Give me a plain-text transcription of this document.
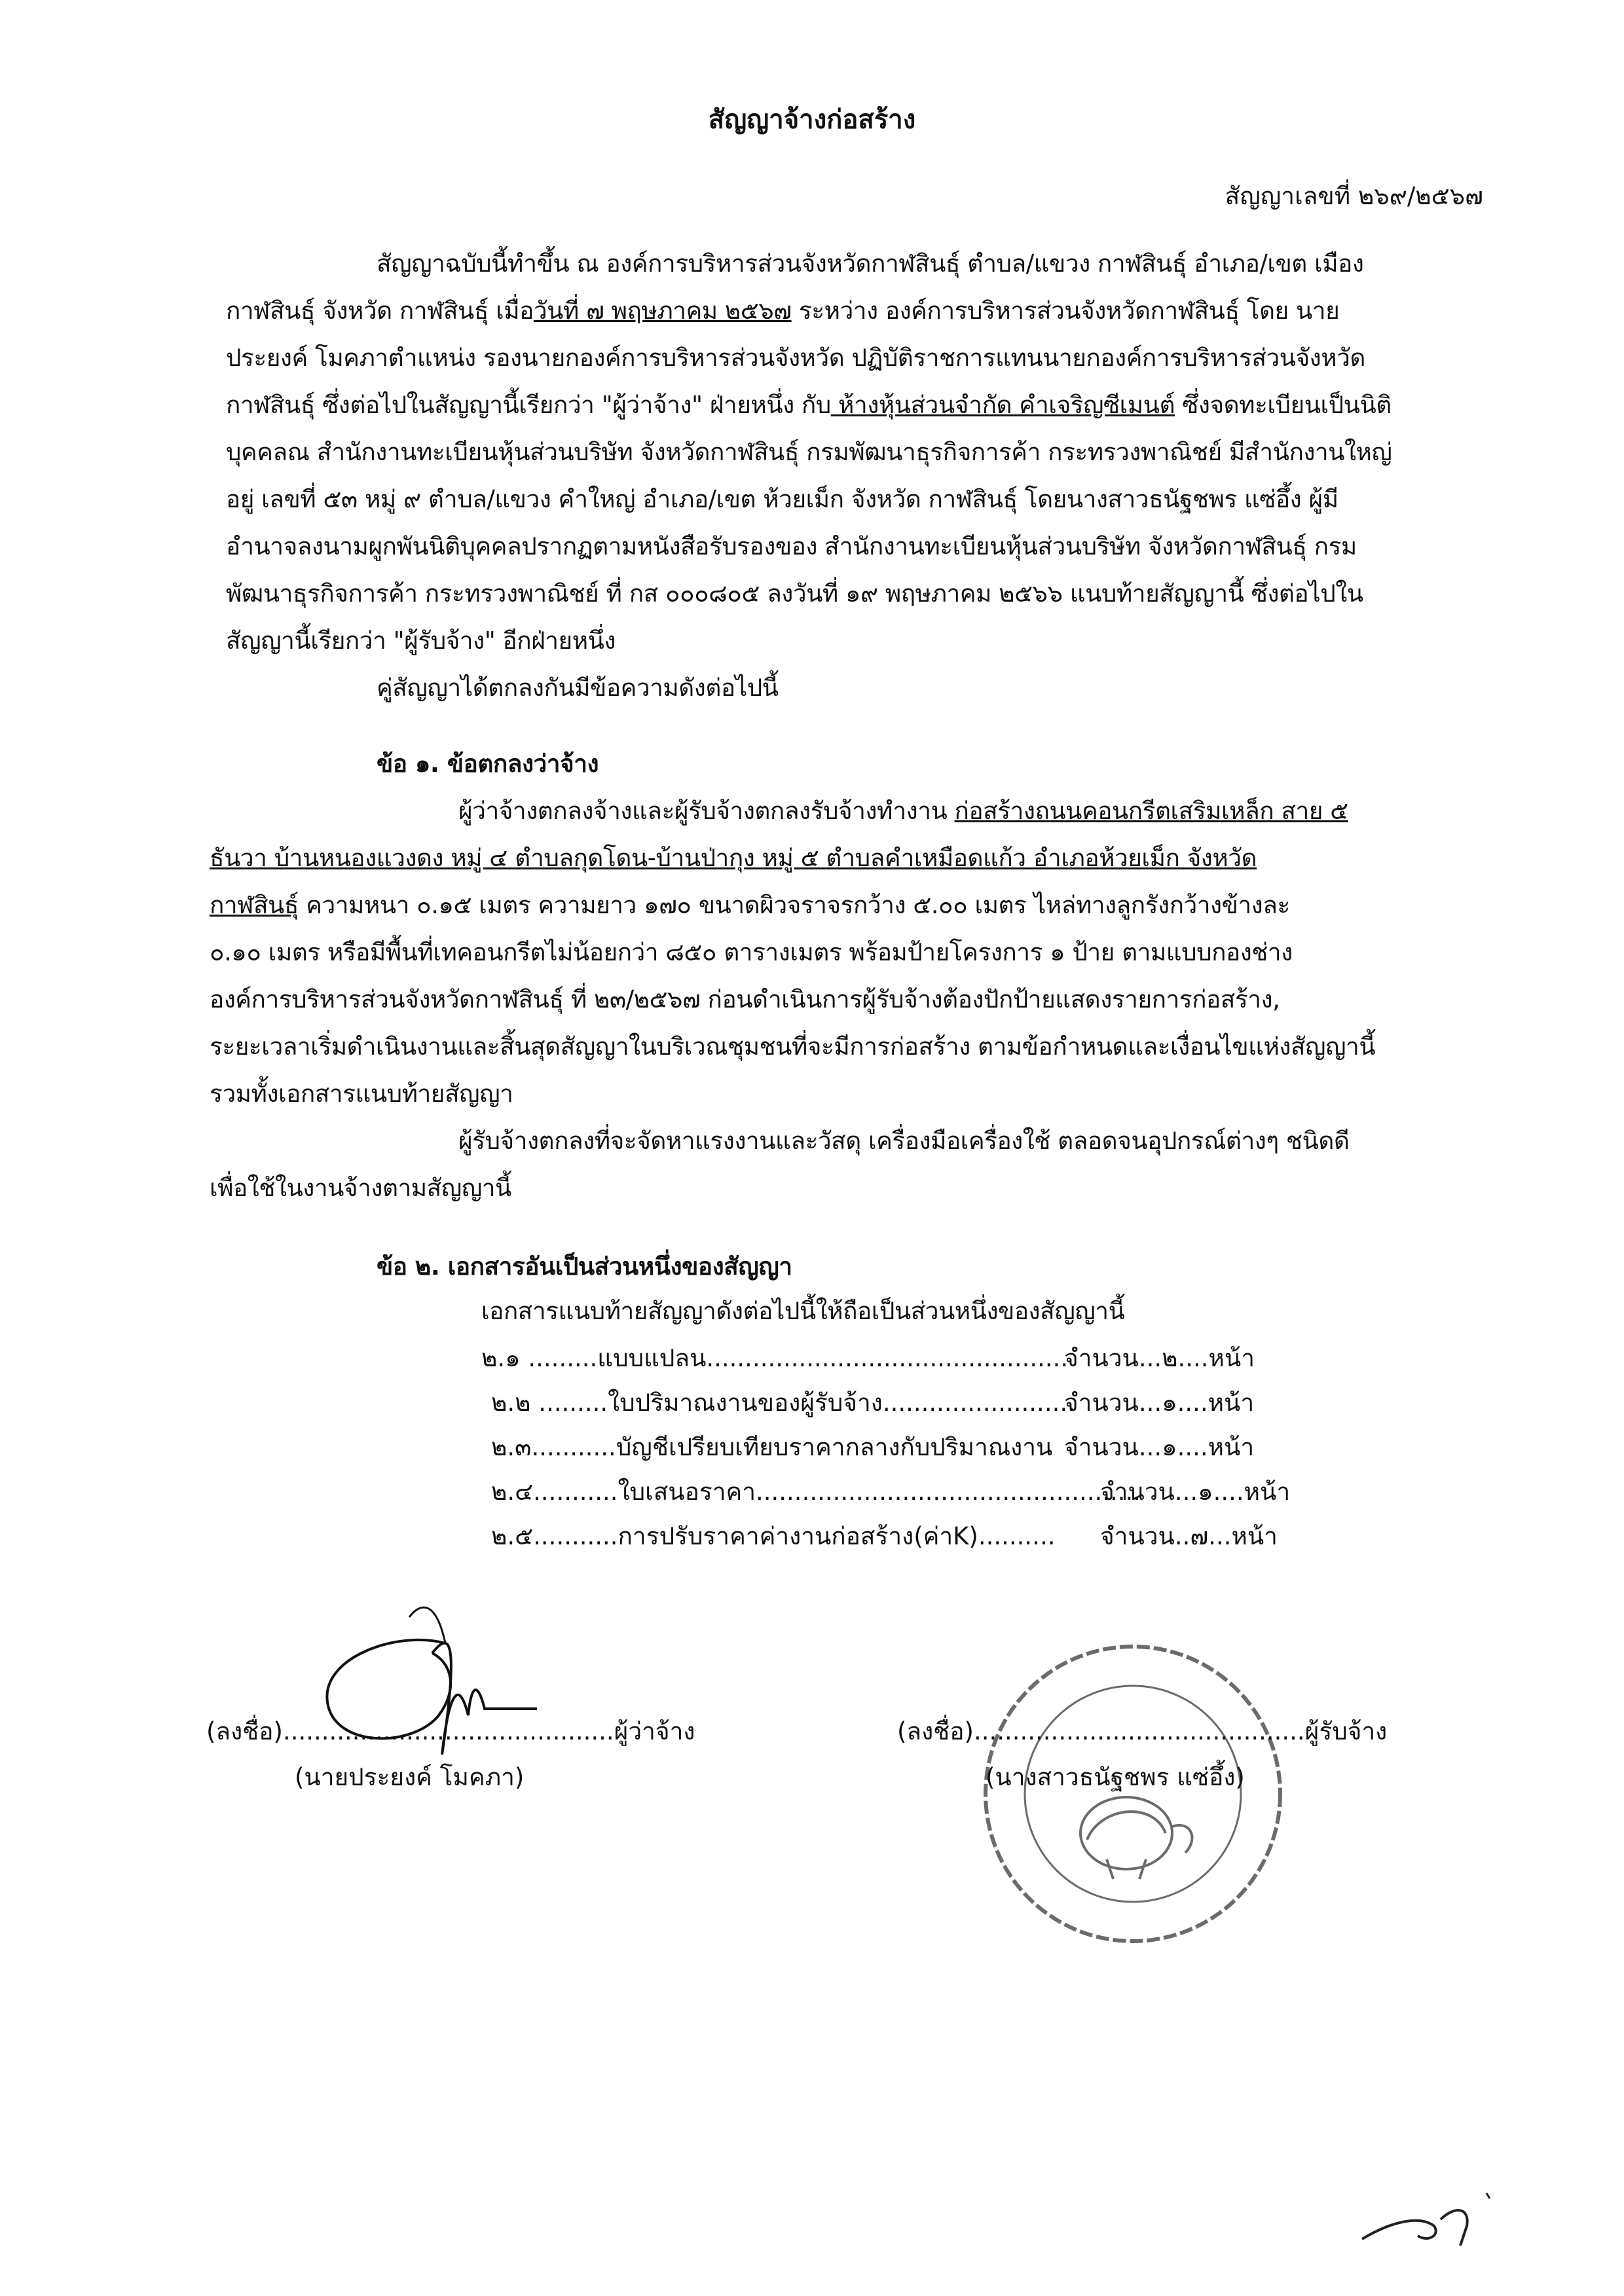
สัญญาจ้างก่อสร้าง
สัญญาเลขที่ ๒๖๙/๒๕๖๗
สัญญาฉบับนี้ทำขึ้น ณ องค์การบริหารส่วนจังหวัดกาฬสินธุ์ ตำบล/แขวง กาฬสินธุ์ อำเภอ/เขต เมือง
กาฬสินธุ์ จังหวัด กาฬสินธุ์ เมื่อวันที่ ๗ พฤษภาคม ๒๕๖๗ ระหว่าง องค์การบริหารส่วนจังหวัดกาฬสินธุ์ โดย นาย
ประยงค์ โมคภาตำแหน่ง รองนายกองค์การบริหารส่วนจังหวัด ปฏิบัติราชการแทนนายกองค์การบริหารส่วนจังหวัด
กาฬสินธุ์ ซึ่งต่อไปในสัญญานี้เรียกว่า "ผู้ว่าจ้าง" ฝ่ายหนึ่ง กับ ห้างหุ้นส่วนจำกัด คำเจริญซีเมนต์ ซึ่งจดทะเบียนเป็นนิติ
บุคคลณ สำนักงานทะเบียนหุ้นส่วนบริษัท จังหวัดกาฬสินธุ์ กรมพัฒนาธุรกิจการค้า กระทรวงพาณิชย์ มีสำนักงานใหญ่
อยู่ เลขที่ ๕๓ หมู่ ๙ ตำบล/แขวง คำใหญ่ อำเภอ/เขต ห้วยเม็ก จังหวัด กาฬสินธุ์ โดยนางสาวธนัฐชพร แซ่อึ้ง ผู้มี
อำนาจลงนามผูกพันนิติบุคคลปรากฏตามหนังสือรับรองของ สำนักงานทะเบียนหุ้นส่วนบริษัท จังหวัดกาฬสินธุ์ กรม
พัฒนาธุรกิจการค้า กระทรวงพาณิชย์ ที่ กส ๐๐๐๘๐๕ ลงวันที่ ๑๙ พฤษภาคม ๒๕๖๖ แนบท้ายสัญญานี้ ซึ่งต่อไปใน
สัญญานี้เรียกว่า "ผู้รับจ้าง" อีกฝ่ายหนึ่ง
คู่สัญญาได้ตกลงกันมีข้อความดังต่อไปนี้
ข้อ ๑. ข้อตกลงว่าจ้าง
ผู้ว่าจ้างตกลงจ้างและผู้รับจ้างตกลงรับจ้างทำงาน ก่อสร้างถนนคอนกรีตเสริมเหล็ก สาย ๕
ธันวา บ้านหนองแวงดง หมู่ ๔ ตำบลกุดโดน-บ้านป่ากุง หมู่ ๕ ตำบลคำเหมือดแก้ว อำเภอห้วยเม็ก จังหวัด
กาฬสินธุ์ ความหนา ๐.๑๕ เมตร ความยาว ๑๗๐ ขนาดผิวจราจรกว้าง ๕.๐๐ เมตร ไหล่ทางลูกรังกว้างข้างละ
๐.๑๐ เมตร หรือมีพื้นที่เทคอนกรีตไม่น้อยกว่า ๘๕๐ ตารางเมตร พร้อมป้ายโครงการ ๑ ป้าย ตามแบบกองช่าง
องค์การบริหารส่วนจังหวัดกาฬสินธุ์ ที่ ๒๓/๒๕๖๗ ก่อนดำเนินการผู้รับจ้างต้องปักป้ายแสดงรายการก่อสร้าง,
ระยะเวลาเริ่มดำเนินงานและสิ้นสุดสัญญาในบริเวณชุมชนที่จะมีการก่อสร้าง ตามข้อกำหนดและเงื่อนไขแห่งสัญญานี้
รวมทั้งเอกสารแนบท้ายสัญญา
ผู้รับจ้างตกลงที่จะจัดหาแรงงานและวัสดุ เครื่องมือเครื่องใช้ ตลอดจนอุปกรณ์ต่างๆ ชนิดดี
เพื่อใช้ในงานจ้างตามสัญญานี้
ข้อ ๒. เอกสารอันเป็นส่วนหนึ่งของสัญญา
เอกสารแนบท้ายสัญญาดังต่อไปนี้ให้ถือเป็นส่วนหนึ่งของสัญญานี้
๒.๑ .........แบบแปลน...............................................
จำนวน...๒....หน้า
๒.๒ .........ใบปริมาณงานของผู้รับจ้าง.........................
จำนวน...๑....หน้า
๒.๓...........บัญชีเปรียบเทียบราคากลางกับปริมาณงาน จำนวน...๑....หน้า
๒.๔...........ใบเสนอราคา..................................................
จำนวน...๑....หน้า
๒.๕...........การปรับราคาค่างานก่อสร้าง(ค่าK).......... จำนวน..๗...หน้า
(ลงชื่อ)...........................................ผู้ว่าจ้าง
(นายประยงค์ โมคภา)
(ลงชื่อ)...........................................ผู้รับจ้าง
(นางสาวธนัฐชพร แซ่อึ้ง)
